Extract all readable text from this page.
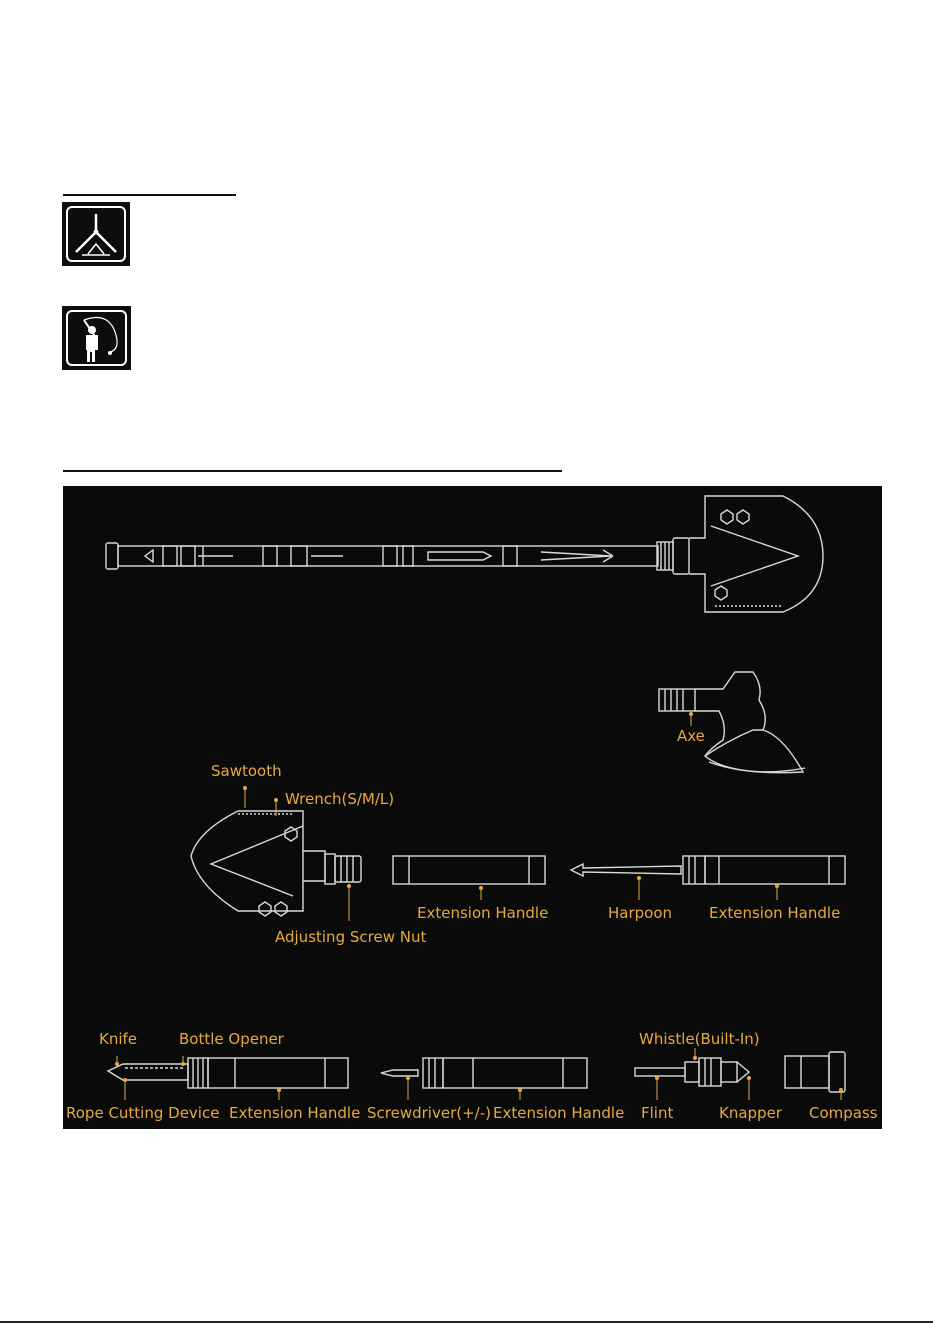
Axe
Sawtooth
Wrench(S/M/L)
Extension Handle	Harpoon Extension Handle
Adjusting Screw Nut
Knife	Bottle Opener	Whistle(Built-In)
Rope Cutting Device Extension Handle Screwdriver(+/-) Extension Handle Flint	Knapper Compass
